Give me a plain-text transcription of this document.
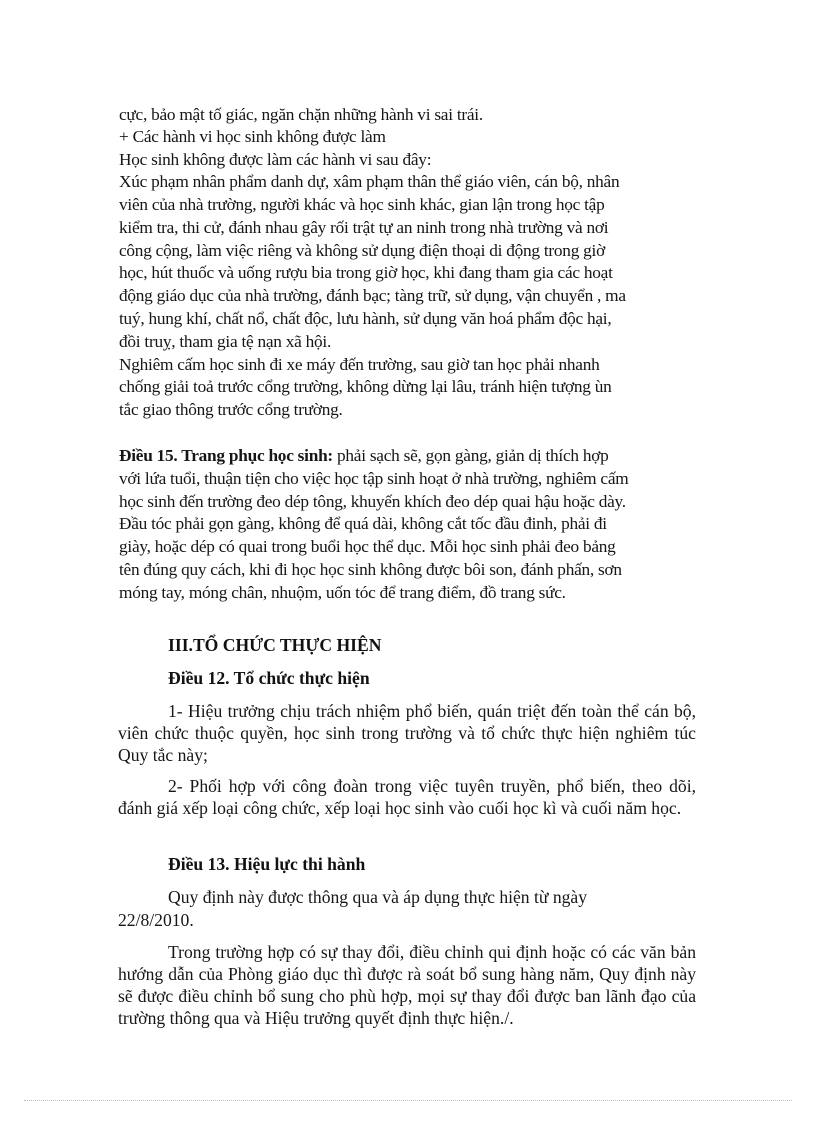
cực, bảo mật tố giác, ngăn chặn những hành vi sai trái.
+ Các hành vi học sinh không được làm
Học sinh không được làm các hành vi sau đây:
Xúc phạm nhân phẩm danh dự, xâm phạm thân thể giáo viên, cán bộ, nhân
viên của nhà trường, người khác và học sinh khác, gian lận trong học tập
kiểm tra, thi cử, đánh nhau gây rối trật tự an ninh trong nhà trường và nơi
công cộng, làm việc riêng và không sử dụng điện thoại di động trong giờ
học, hút thuốc và uống rượu bia trong giờ học, khi đang tham gia các hoạt
động giáo dục của nhà trường, đánh bạc; tàng trữ, sử dụng, vận chuyển , ma
tuý, hung khí, chất nổ, chất độc, lưu hành, sử dụng văn hoá phẩm độc hại,
đồi truỵ, tham gia tệ nạn xã hội.
Nghiêm cấm học sinh đi xe máy đến trường, sau giờ tan học phải nhanh
chống giải toả trước cổng trường, không dừng lại lâu, tránh hiện tượng ùn
tắc giao thông trước cổng trường.
Điều 15. Trang phục học sinh: phải sạch sẽ, gọn gàng, giản dị thích hợp
với lứa tuổi, thuận tiện cho việc học tập sinh hoạt ở nhà trường, nghiêm cấm
học sinh đến trường đeo dép tông, khuyến khích đeo dép quai hậu hoặc dày.
Đầu tóc phải gọn gàng, không để quá dài, không cắt tốc đầu đinh, phải đi
giày, hoặc dép có quai trong buổi học thể dục. Mỗi học sinh phải đeo bảng
tên đúng quy cách, khi đi học học sinh không được bôi son, đánh phấn, sơn
móng tay, móng chân, nhuộm, uốn tóc để trang điểm, đồ trang sức.
III.TỔ CHỨC THỰC HIỆN
Điều 12. Tổ chức thực hiện
1- Hiệu trưởng chịu trách nhiệm phổ biến, quán triệt đến toàn thể cán bộ, viên chức thuộc quyền, học sinh trong trường và tổ chức thực hiện nghiêm túc Quy tắc này;
2- Phối hợp với công đoàn trong việc tuyên truyền, phổ biến, theo dõi, đánh giá xếp loại công chức, xếp loại học sinh vào cuối học kì và cuối năm học.
Điều 13. Hiệu lực thi hành
Quy định này được thông qua và áp dụng thực hiện từ ngày
22/8/2010.
Trong trường hợp có sự thay đổi, điều chỉnh qui định hoặc có các văn bản hướng dẫn của Phòng giáo dục thì được rà soát bổ sung hàng năm, Quy định này sẽ được điều chỉnh bổ sung cho phù hợp, mọi sự thay đổi được ban lãnh đạo của trường thông qua và Hiệu trưởng quyết định thực hiện./.
